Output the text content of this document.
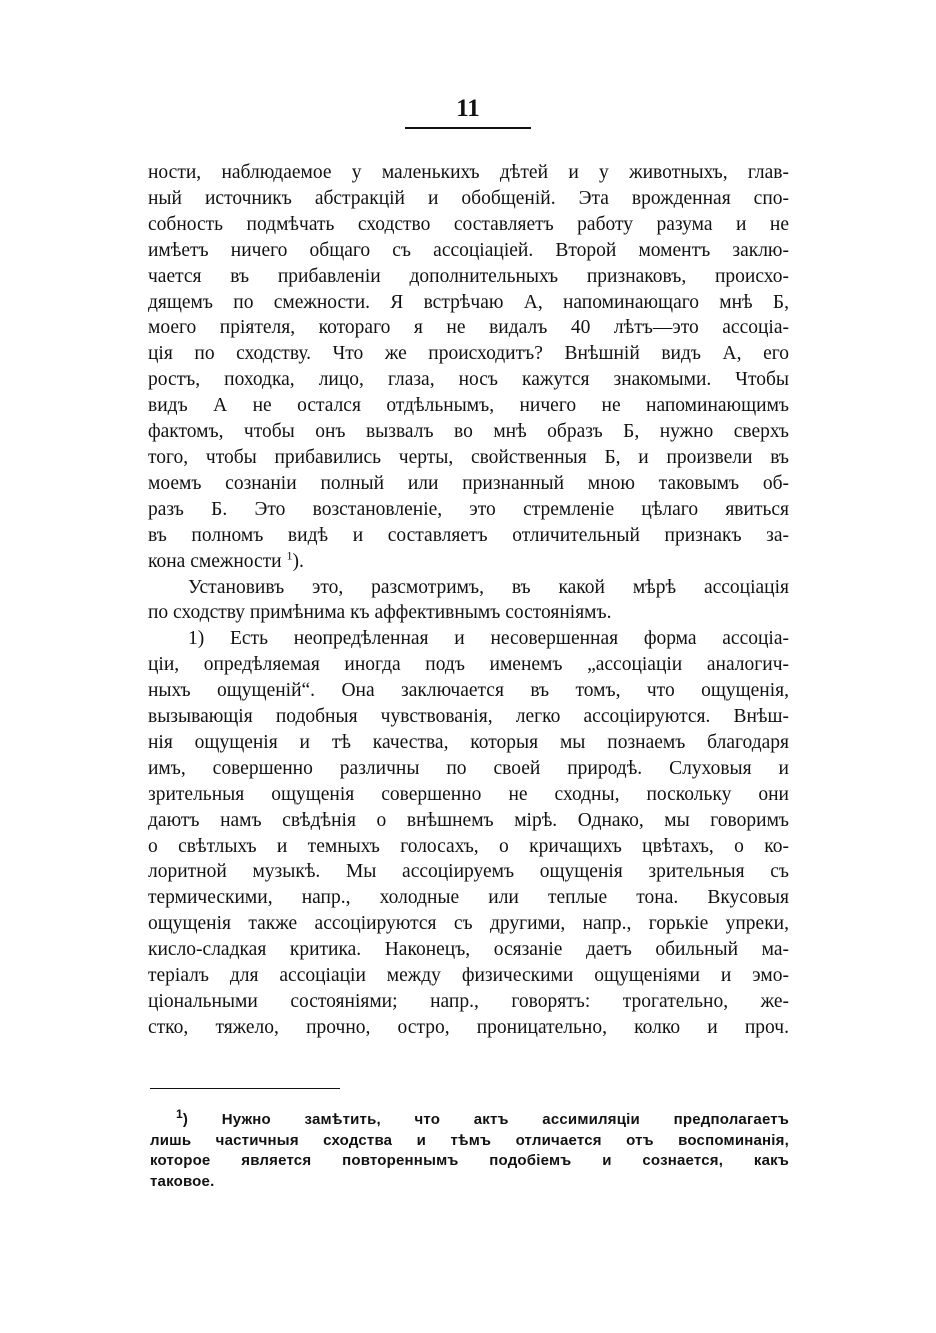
11

ности, наблюдаемое у маленькихъ дѣтей и у животныхъ, глав-
ный источникъ абстракцій и обобщеній. Эта врожденная спо-
собность подмѣчать сходство составляетъ работу разума и не
имѣетъ ничего общаго съ ассоціаціей. Второй моментъ заклю-
чается въ прибавленіи дополнительныхъ признаковъ, происхо-
дящемъ по смежности. Я встрѣчаю А, напоминающаго мнѣ Б,
моего пріятеля, котораго я не видалъ 40 лѣтъ—это ассоціа-
ція по сходству. Что же происходитъ? Внѣшній видъ А, его
ростъ, походка, лицо, глаза, носъ кажутся знакомыми. Чтобы
видъ А не остался отдѣльнымъ, ничего не напоминающимъ
фактомъ, чтобы онъ вызвалъ во мнѣ образъ Б, нужно сверхъ
того, чтобы прибавились черты, свойственныя Б, и произвели въ
моемъ сознаніи полный или признанный мною таковымъ об-
разъ Б. Это возстановленіе, это стремленіе цѣлаго явиться
въ полномъ видѣ и составляетъ отличительный признакъ за-
кона смежности $^1$).

Установивъ это, разсмотримъ, въ какой мѣрѣ ассоціація
по сходству примѣнима къ аффективнымъ состояніямъ.

1) Есть неопредѣленная и несовершенная форма ассоціа-
ціи, опредѣляемая иногда подъ именемъ „ассоціаціи аналогич-
ныхъ ощущеній“. Она заключается въ томъ, что ощущенія,
вызывающія подобныя чувствованія, легко ассоціируются. Внѣш-
нія ощущенія и тѣ качества, которыя мы познаемъ благодаря
имъ, совершенно различны по своей природѣ. Слуховыя и
зрительныя ощущенія совершенно не сходны, поскольку они
даютъ намъ свѣдѣнія о внѣшнемъ мірѣ. Однако, мы говоримъ
о свѣтлыхъ и темныхъ голосахъ, о кричащихъ цвѣтахъ, о ко-
лоритной музыкѣ. Мы ассоціируемъ ощущенія зрительныя съ
термическими, напр., холодные или теплые тона. Вкусовыя
ощущенія также ассоціируются съ другими, напр., горькіе упреки,
кисло-сладкая критика. Наконецъ, осязаніе даетъ обильный ма-
теріалъ для ассоціаціи между физическими ощущеніями и эмо-
ціональными состояніями; напр., говорятъ: трогательно, же-
стко, тяжело, прочно, остро, проницательно, колко и проч.

$^1$) Нужно замѣтить, что актъ ассимиляціи предполагаетъ
лишь частичныя сходства и тѣмъ отличается отъ воспоминанія,
которое является повтореннымъ подобіемъ и сознается, какъ
таковое.
